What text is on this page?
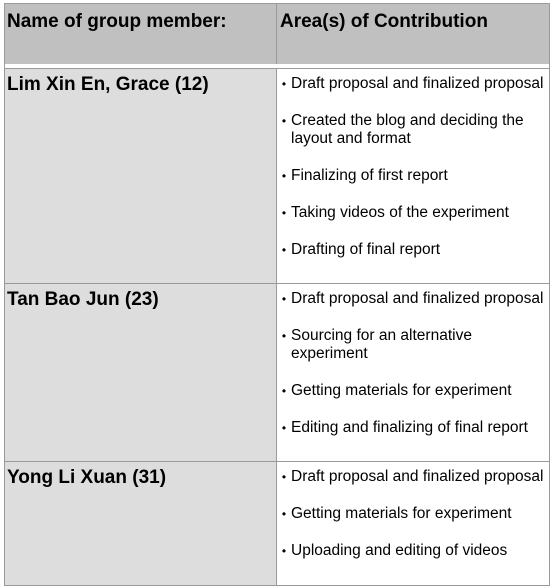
Name of group member:	Area(s) of Contribution
Lim Xin En, Grace (12)	• Draft proposal and finalized proposal
• Created the blog and deciding the layout and format
• Finalizing of first report
• Taking videos of the experiment
• Drafting of final report
Tan Bao Jun (23)	• Draft proposal and finalized proposal
• Sourcing for an alternative experiment
• Getting materials for experiment
• Editing and finalizing of final report
Yong Li Xuan (31)	• Draft proposal and finalized proposal
• Getting materials for experiment
• Uploading and editing of videos
